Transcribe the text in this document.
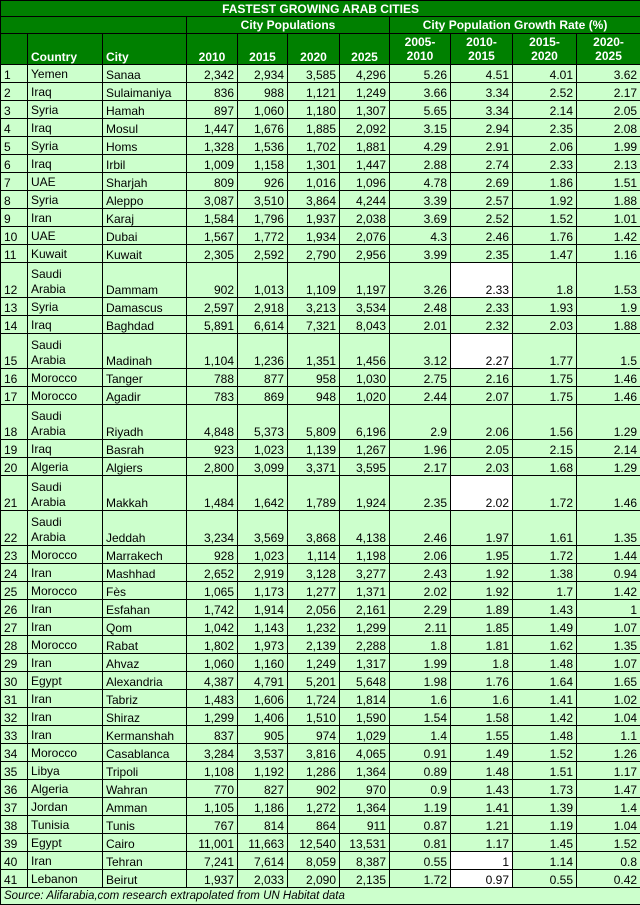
FASTEST GROWING ARAB CITIES										
			City Populations				City Population Growth Rate (%)			
	Country	City	2010	2015	2020	2025	2005-2010	2010-2015	2015-2020	2020-2025
1	Yemen	Sanaa	2,342	2,934	3,585	4,296	5.26	4.51	4.01	3.62
2	Iraq	Sulaimaniya	836	988	1,121	1,249	3.66	3.34	2.52	2.17
3	Syria	Hamah	897	1,060	1,180	1,307	5.65	3.34	2.14	2.05
4	Iraq	Mosul	1,447	1,676	1,885	2,092	3.15	2.94	2.35	2.08
5	Syria	Homs	1,328	1,536	1,702	1,881	4.29	2.91	2.06	1.99
6	Iraq	Irbil	1,009	1,158	1,301	1,447	2.88	2.74	2.33	2.13
7	UAE	Sharjah	809	926	1,016	1,096	4.78	2.69	1.86	1.51
8	Syria	Aleppo	3,087	3,510	3,864	4,244	3.39	2.57	1.92	1.88
9	Iran	Karaj	1,584	1,796	1,937	2,038	3.69	2.52	1.52	1.01
10	UAE	Dubai	1,567	1,772	1,934	2,076	4.3	2.46	1.76	1.42
11	Kuwait	Kuwait	2,305	2,592	2,790	2,956	3.99	2.35	1.47	1.16
12	Saudi Arabia	Dammam	902	1,013	1,109	1,197	3.26	2.33	1.8	1.53
13	Syria	Damascus	2,597	2,918	3,213	3,534	2.48	2.33	1.93	1.9
14	Iraq	Baghdad	5,891	6,614	7,321	8,043	2.01	2.32	2.03	1.88
15	Saudi Arabia	Madinah	1,104	1,236	1,351	1,456	3.12	2.27	1.77	1.5
16	Morocco	Tanger	788	877	958	1,030	2.75	2.16	1.75	1.46
17	Morocco	Agadir	783	869	948	1,020	2.44	2.07	1.75	1.46
18	Saudi Arabia	Riyadh	4,848	5,373	5,809	6,196	2.9	2.06	1.56	1.29
19	Iraq	Basrah	923	1,023	1,139	1,267	1.96	2.05	2.15	2.14
20	Algeria	Algiers	2,800	3,099	3,371	3,595	2.17	2.03	1.68	1.29
21	Saudi Arabia	Makkah	1,484	1,642	1,789	1,924	2.35	2.02	1.72	1.46
22	Saudi Arabia	Jeddah	3,234	3,569	3,868	4,138	2.46	1.97	1.61	1.35
23	Morocco	Marrakech	928	1,023	1,114	1,198	2.06	1.95	1.72	1.44
24	Iran	Mashhad	2,652	2,919	3,128	3,277	2.43	1.92	1.38	0.94
25	Morocco	Fès	1,065	1,173	1,277	1,371	2.02	1.92	1.7	1.42
26	Iran	Esfahan	1,742	1,914	2,056	2,161	2.29	1.89	1.43	1
27	Iran	Qom	1,042	1,143	1,232	1,299	2.11	1.85	1.49	1.07
28	Morocco	Rabat	1,802	1,973	2,139	2,288	1.8	1.81	1.62	1.35
29	Iran	Ahvaz	1,060	1,160	1,249	1,317	1.99	1.8	1.48	1.07
30	Egypt	Alexandria	4,387	4,791	5,201	5,648	1.98	1.76	1.64	1.65
31	Iran	Tabriz	1,483	1,606	1,724	1,814	1.6	1.6	1.41	1.02
32	Iran	Shiraz	1,299	1,406	1,510	1,590	1.54	1.58	1.42	1.04
33	Iran	Kermanshah	837	905	974	1,029	1.4	1.55	1.48	1.1
34	Morocco	Casablanca	3,284	3,537	3,816	4,065	0.91	1.49	1.52	1.26
35	Libya	Tripoli	1,108	1,192	1,286	1,364	0.89	1.48	1.51	1.17
36	Algeria	Wahran	770	827	902	970	0.9	1.43	1.73	1.47
37	Jordan	Amman	1,105	1,186	1,272	1,364	1.19	1.41	1.39	1.4
38	Tunisia	Tunis	767	814	864	911	0.87	1.21	1.19	1.04
39	Egypt	Cairo	11,001	11,663	12,540	13,531	0.81	1.17	1.45	1.52
40	Iran	Tehran	7,241	7,614	8,059	8,387	0.55	1	1.14	0.8
41	Lebanon	Beirut	1,937	2,033	2,090	2,135	1.72	0.97	0.55	0.42
Source: Alifarabia,com research extrapolated from UN Habitat data										
